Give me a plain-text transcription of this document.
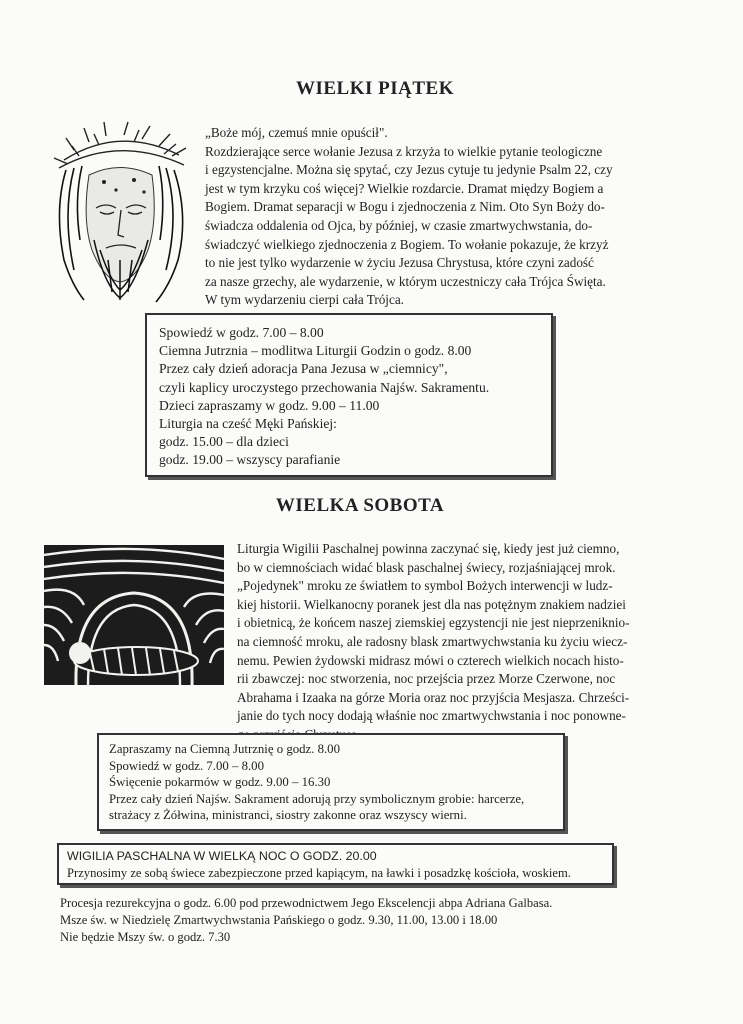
WIELKI PIĄTEK
„Boże mój, czemuś mnie opuścił".
Rozdzierające serce wołanie Jezusa z krzyża to wielkie pytanie teologiczne
i egzystencjalne. Można się spytać, czy Jezus cytuje tu jedynie Psalm 22, czy
jest w tym krzyku coś więcej? Wielkie rozdarcie. Dramat między Bogiem a
Bogiem. Dramat separacji w Bogu i zjednoczenia z Nim. Oto Syn Boży do-
świadcza oddalenia od Ojca, by później, w czasie zmartwychwstania, do-
świadczyć wielkiego zjednoczenia z Bogiem. To wołanie pokazuje, że krzyż
to nie jest tylko wydarzenie w życiu Jezusa Chrystusa, które czyni zadość
za nasze grzechy, ale wydarzenie, w którym uczestniczy cała Trójca Święta.
W tym wydarzeniu cierpi cała Trójca.
Spowiedź w godz. 7.00 – 8.00
Ciemna Jutrznia – modlitwa Liturgii Godzin o godz. 8.00
Przez cały dzień adoracja Pana Jezusa w „ciemnicy",
czyli kaplicy uroczystego przechowania Najśw. Sakramentu.
Dzieci zapraszamy w godz. 9.00 – 11.00
Liturgia na cześć Męki Pańskiej:
godz. 15.00 – dla dzieci
godz. 19.00 – wszyscy parafianie
WIELKA SOBOTA
Liturgia Wigilii Paschalnej powinna zaczynać się, kiedy jest już ciemno,
bo w ciemnościach widać blask paschalnej świecy, rozjaśniającej mrok.
„Pojedynek" mroku ze światłem to symbol Bożych interwencji w ludz-
kiej historii. Wielkanocny poranek jest dla nas potężnym znakiem nadziei
i obietnicą, że końcem naszej ziemskiej egzystencji nie jest nieprzeniknio-
na ciemność mroku, ale radosny blask zmartwychwstania ku życiu wiecz-
nemu. Pewien żydowski midrasz mówi o czterech wielkich nocach histo-
rii zbawczej: noc stworzenia, noc przejścia przez Morze Czerwone, noc
Abrahama i Izaaka na górze Moria oraz noc przyjścia Mesjasza. Chrześci-
janie do tych nocy dodają właśnie noc zmartwychwstania i noc ponowne-
Zapraszamy na Ciemną Jutrznię o godz. 8.00
Spowiedź w godz. 7.00 – 8.00
Święcenie pokarmów w godz. 9.00 – 16.30
Przez cały dzień Najśw. Sakrament adorują przy symbolicznym grobie: harcerze,
strażacy z Żółwina, ministranci, siostry zakonne oraz wszyscy wierni.
WIGILIA PASCHALNA W WIELKĄ NOC O GODZ. 20.00
Przynosimy ze sobą świece zabezpieczone przed kapiącym, na ławki i posadzkę kościoła, woskiem.
Procesja rezurekcyjna o godz. 6.00 pod przewodnictwem Jego Ekscelencji abpa Adriana Galbasa.
Msze św. w Niedzielę Zmartwychwstania Pańskiego o godz. 9.30, 11.00, 13.00 i 18.00
Nie będzie Mszy św. o godz. 7.30
